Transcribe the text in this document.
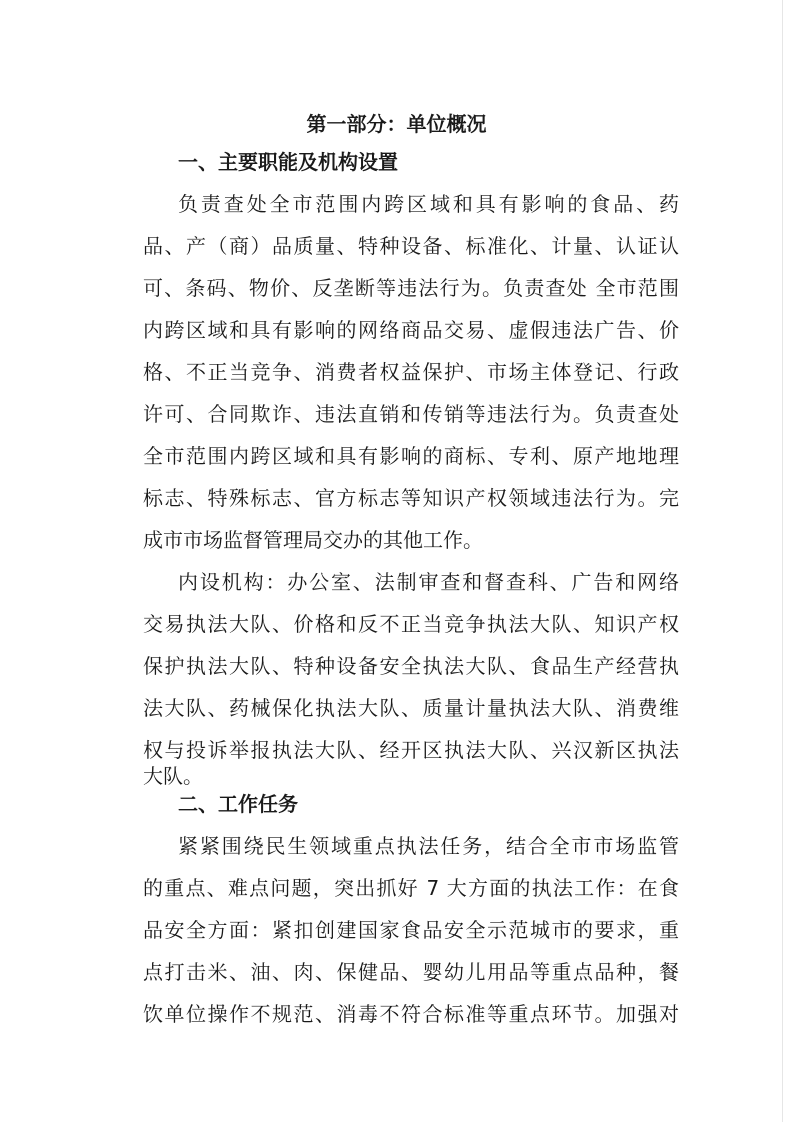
第一部分：单位概况
一、主要职能及机构设置
负责查处全市范围内跨区域和具有影响的食品、药
品、产（商）品质量、特种设备、标准化、计量、认证认
可、条码、物价、反垄断等违法行为。负责查处 全市范围
内跨区域和具有影响的网络商品交易、虚假违法广告、价
格、不正当竞争、消费者权益保护、市场主体登记、行政
许可、合同欺诈、违法直销和传销等违法行为。负责查处
全市范围内跨区域和具有影响的商标、专利、原产地地理
标志、特殊标志、官方标志等知识产权领域违法行为。完
成市市场监督管理局交办的其他工作。
内设机构：办公室、法制审查和督查科、广告和网络
交易执法大队、价格和反不正当竞争执法大队、知识产权
保护执法大队、特种设备安全执法大队、食品生产经营执
法大队、药械保化执法大队、质量计量执法大队、消费维
权与投诉举报执法大队、经开区执法大队、兴汉新区执法
大队。
二、工作任务
紧紧围绕民生领域重点执法任务，结合全市市场监管
的重点、难点问题，突出抓好 7 大方面的执法工作：在食
品安全方面：紧扣创建国家食品安全示范城市的要求，重
点打击米、油、肉、保健品、婴幼儿用品等重点品种，餐
饮单位操作不规范、消毒不符合标准等重点环节。加强对
